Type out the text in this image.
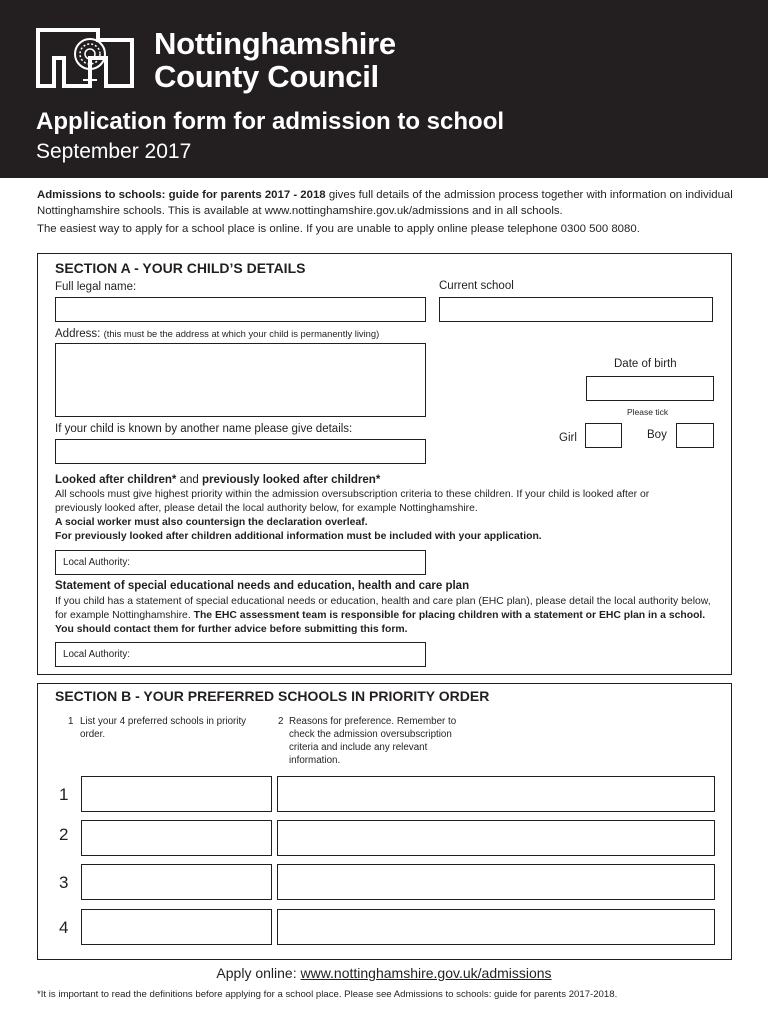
Nottinghamshire
County Council
Application form for admission to school
September 2017

Admissions to schools: guide for parents 2017 - 2018 gives full details of the admission process together with information on individual Nottinghamshire schools. This is available at www.nottinghamshire.gov.uk/admissions and in all schools.

The easiest way to apply for a school place is online. If you are unable to apply online please telephone 0300 500 8080.

SECTION A - YOUR CHILD’S DETAILS
Full legal name:	Current school
Address: (this must be the address at which your child is permanently living)
Date of birth
Please tick
Girl	Boy
If your child is known by another name please give details:
Looked after children* and previously looked after children*

All schools must give highest priority within the admission oversubscription criteria to these children. If your child is looked after or previously looked after, please detail the local authority below, for example Nottinghamshire.

A social worker must also countersign the declaration overleaf.

For previously looked after children additional information must be included with your application.

Local Authority:
Statement of special educational needs and education, health and care plan

If you child has a statement of special educational needs or education, health and care plan (EHC plan), please detail the local authority below, for example Nottinghamshire. The EHC assessment team is responsible for placing children with a statement or EHC plan in a school. You should contact them for further advice before submitting this form.

Local Authority:
SECTION B - YOUR PREFERRED SCHOOLS IN PRIORITY ORDER
1 List your 4 preferred schools in priority order.
2 Reasons for preference. Remember to check the admission oversubscription criteria and include any relevant information.
1
2
3
4
Apply online: www.nottinghamshire.gov.uk/admissions
*It is important to read the definitions before applying for a school place. Please see Admissions to schools: guide for parents 2017-2018.
